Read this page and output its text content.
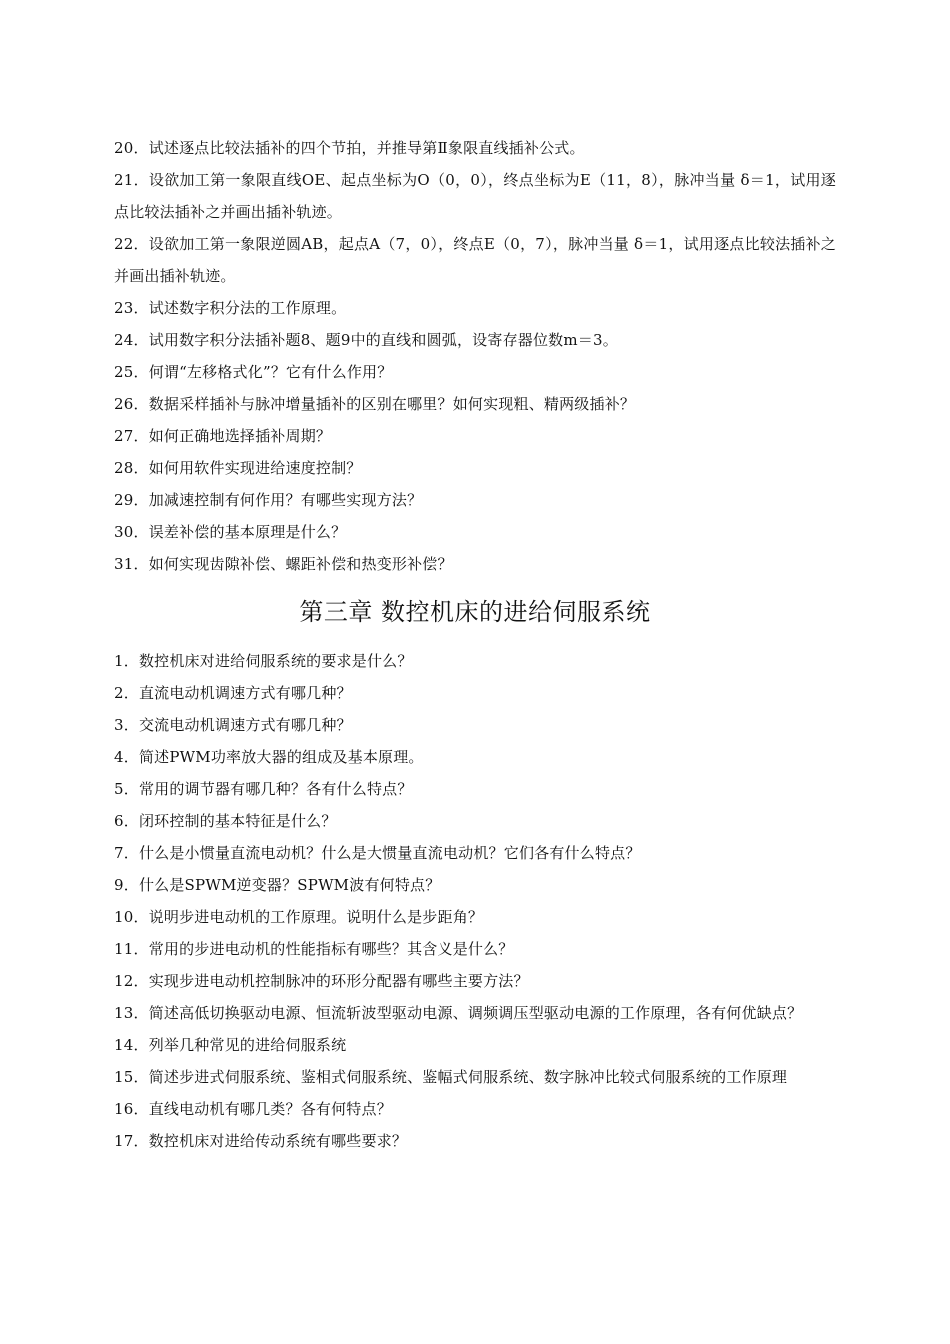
20．试述逐点比较法插补的四个节拍，并推导第Ⅱ象限直线插补公式。

21．设欲加工第一象限直线OE、起点坐标为O（0，0），终点坐标为E（11，8），脉冲当量 δ＝1，试用逐点比较法插补之并画出插补轨迹。

22．设欲加工第一象限逆圆AB，起点A（7，0），终点E（0，7），脉冲当量 δ＝1，试用逐点比较法插补之并画出插补轨迹。

23．试述数字积分法的工作原理。

24．试用数字积分法插补题8、题9中的直线和圆弧，设寄存器位数m＝3。

25．何谓“左移格式化”？它有什么作用？

26．数据采样插补与脉冲增量插补的区别在哪里？如何实现粗、精两级插补？

27．如何正确地选择插补周期？

28．如何用软件实现进给速度控制？

29．加减速控制有何作用？有哪些实现方法？

30．误差补偿的基本原理是什么？

31．如何实现齿隙补偿、螺距补偿和热变形补偿？

第三章 数控机床的进给伺服系统

1．数控机床对进给伺服系统的要求是什么？

2．直流电动机调速方式有哪几种？

3．交流电动机调速方式有哪几种？

4．简述PWM功率放大器的组成及基本原理。

5．常用的调节器有哪几种？各有什么特点？

6．闭环控制的基本特征是什么？

7．什么是小惯量直流电动机？什么是大惯量直流电动机？它们各有什么特点？

9．什么是SPWM逆变器？SPWM波有何特点？

10．说明步进电动机的工作原理。说明什么是步距角？

11．常用的步进电动机的性能指标有哪些？其含义是什么？

12．实现步进电动机控制脉冲的环形分配器有哪些主要方法？

13．简述高低切换驱动电源、恒流斩波型驱动电源、调频调压型驱动电源的工作原理，各有何优缺点？

14．列举几种常见的进给伺服系统

15．简述步进式伺服系统、鉴相式伺服系统、鉴幅式伺服系统、数字脉冲比较式伺服系统的工作原理

16．直线电动机有哪几类？各有何特点？

17．数控机床对进给传动系统有哪些要求？
